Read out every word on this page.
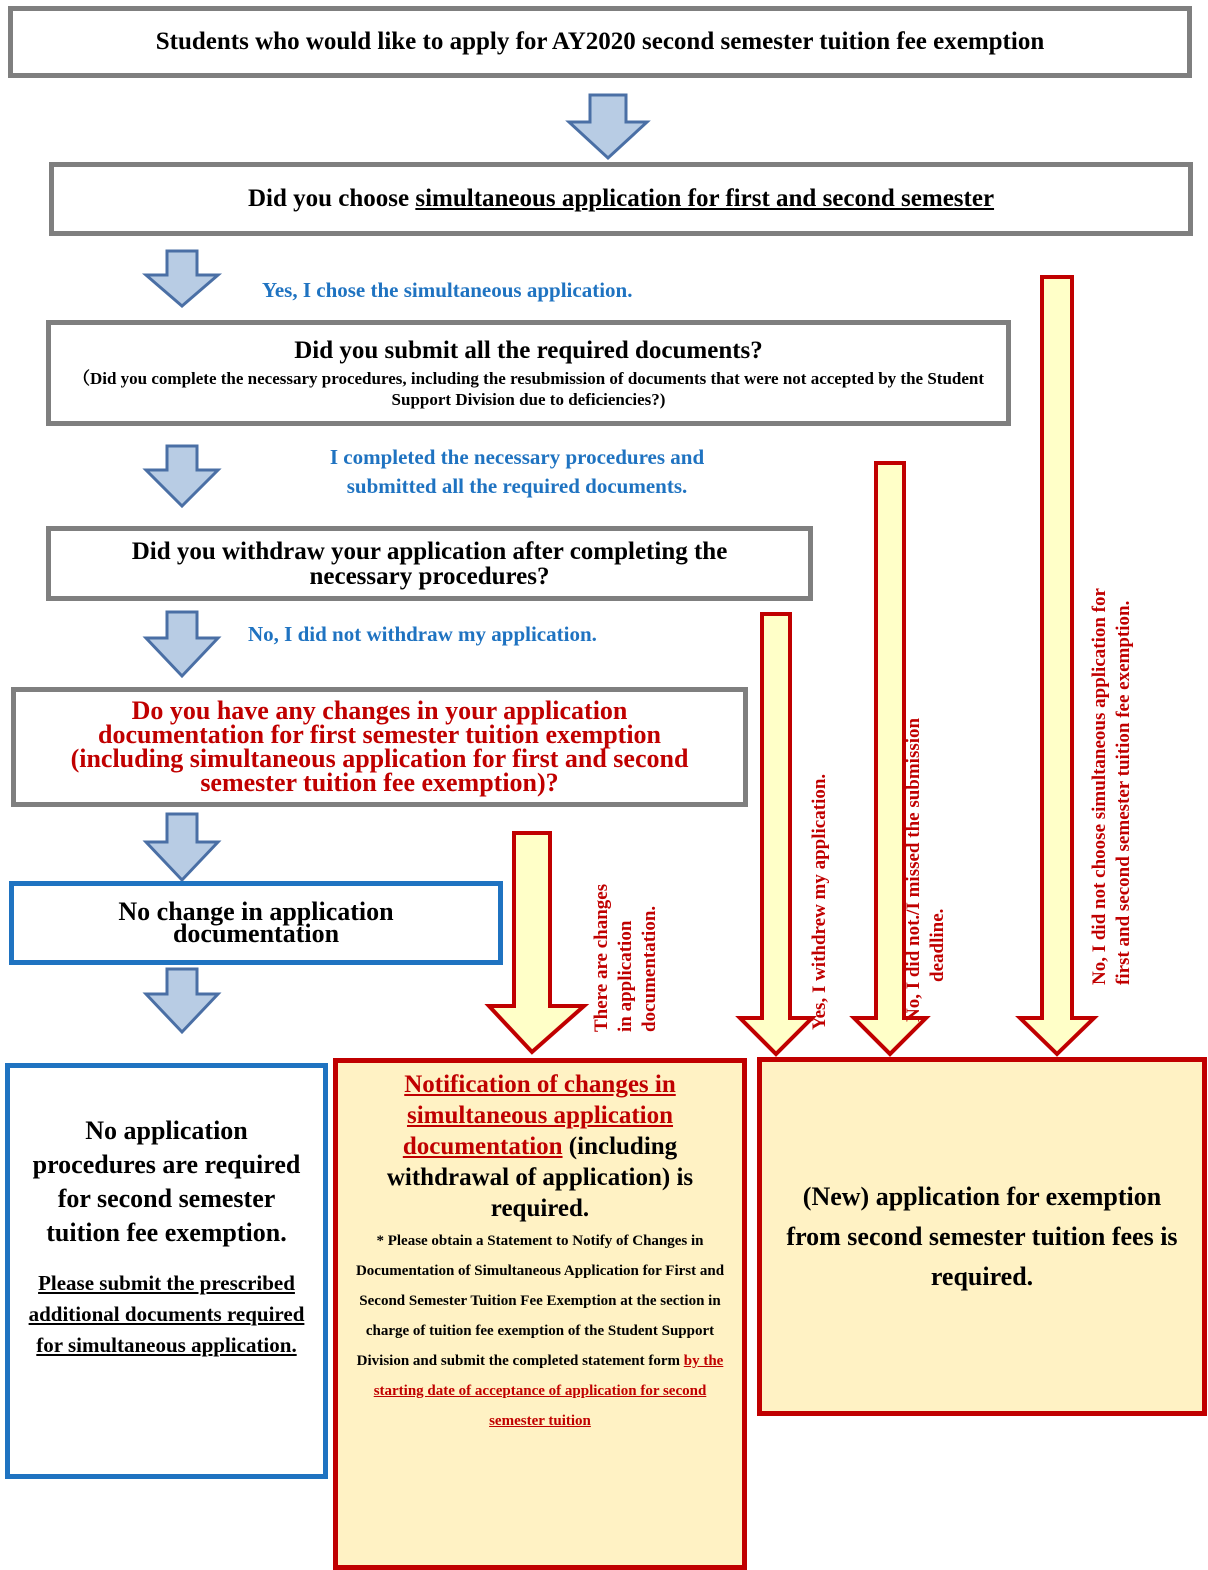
Students who would like to apply for AY2020 second semester tuition fee exemption
Did you choose simultaneous application for first and second semester
Yes, I chose the simultaneous application.
Did you submit all the required documents?
（Did you complete the necessary procedures, including the resubmission of documents that were not accepted by the Student Support Division due to deficiencies?)
I completed the necessary procedures and
submitted all the required documents.
Did you withdraw your application after completing the
necessary procedures?
No, I did not withdraw my application.
Do you have any changes in your application
documentation for first semester tuition exemption
(including simultaneous application for first and second
semester tuition fee exemption)?
No change in application
documentation	There are changes in application documentation.	Yes, I withdrew my application.	No, I did not./I missed the submission deadline.	No, I did not choose simultaneous application for first and second semester tuition fee exemption.
No application procedures are required for second semester tuition fee exemption.
Please submit the prescribed additional documents required for simultaneous application.
Notification of changes in simultaneous application documentation (including withdrawal of application) is required.
* Please obtain a Statement to Notify of Changes in Documentation of Simultaneous Application for First and Second Semester Tuition Fee Exemption at the section in charge of tuition fee exemption of the Student Support Division and submit the completed statement form by the starting date of acceptance of application for second semester tuition
(New) application for exemption from second semester tuition fees is required.
